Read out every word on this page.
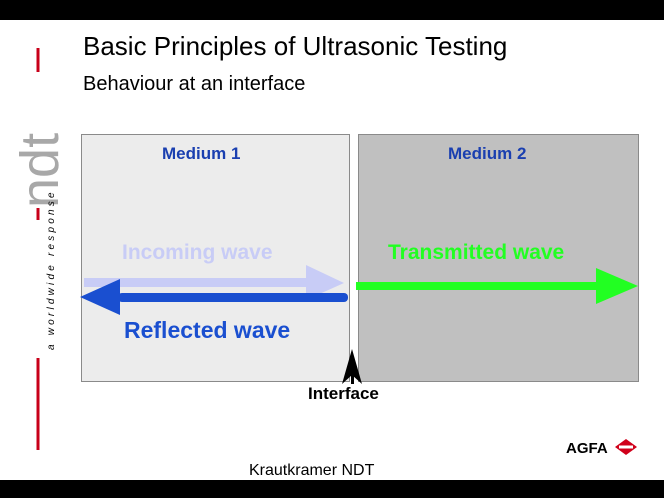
ndt
a worldwide response
Basic Principles of Ultrasonic Testing
Behaviour at an interface
Medium 1	Medium 2
Incoming wave	Transmitted wave
Reflected wave
Interface
AGFA
Krautkramer NDT
